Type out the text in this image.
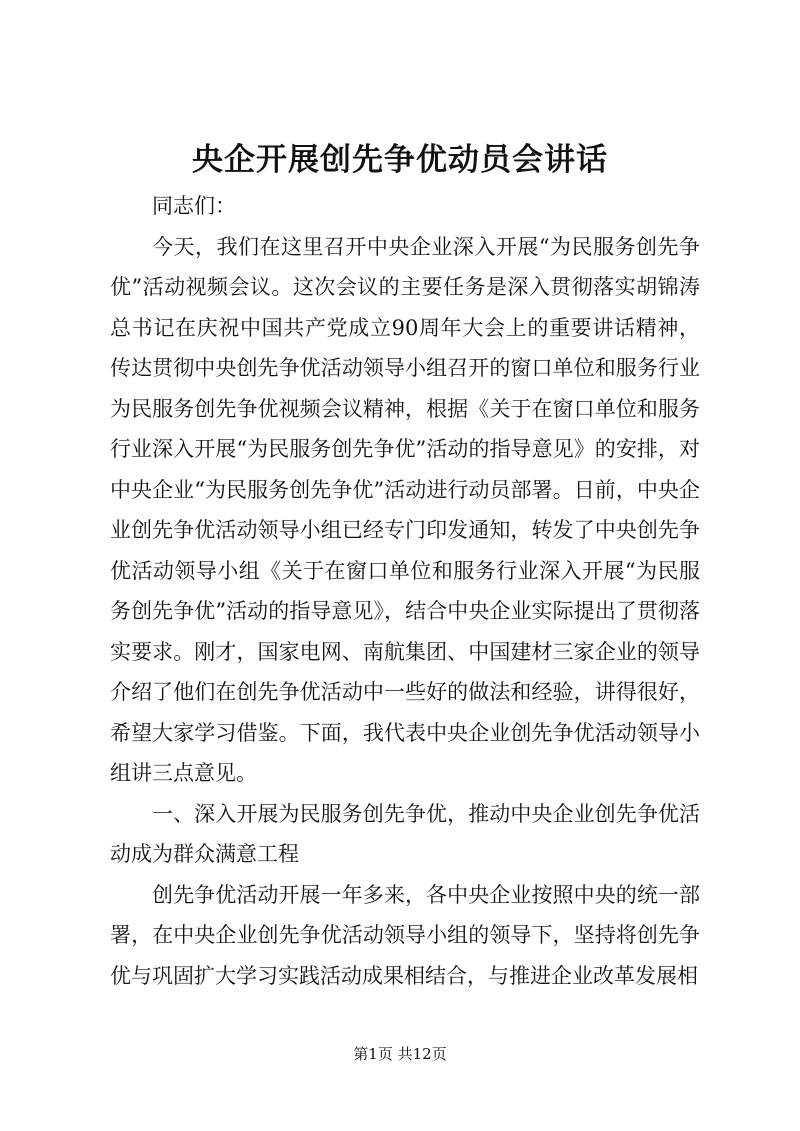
央企开展创先争优动员会讲话

同志们：

今天，我们在这里召开中央企业深入开展“为民服务创先争优”活动视频会议。这次会议的主要任务是深入贯彻落实胡锦涛总书记在庆祝中国共产党成立90周年大会上的重要讲话精神，传达贯彻中央创先争优活动领导小组召开的窗口单位和服务行业为民服务创先争优视频会议精神，根据《关于在窗口单位和服务行业深入开展“为民服务创先争优”活动的指导意见》的安排，对中央企业“为民服务创先争优”活动进行动员部署。日前，中央企业创先争优活动领导小组已经专门印发通知，转发了中央创先争优活动领导小组《关于在窗口单位和服务行业深入开展“为民服务创先争优”活动的指导意见》，结合中央企业实际提出了贯彻落实要求。刚才，国家电网、南航集团、中国建材三家企业的领导介绍了他们在创先争优活动中一些好的做法和经验，讲得很好，希望大家学习借鉴。下面，我代表中央企业创先争优活动领导小组讲三点意见。

一、深入开展为民服务创先争优，推动中央企业创先争优活动成为群众满意工程

创先争优活动开展一年多来，各中央企业按照中央的统一部署，在中央企业创先争优活动领导小组的领导下，坚持将创先争优与巩固扩大学习实践活动成果相结合，与推进企业改革发展相

第1页 共12页
